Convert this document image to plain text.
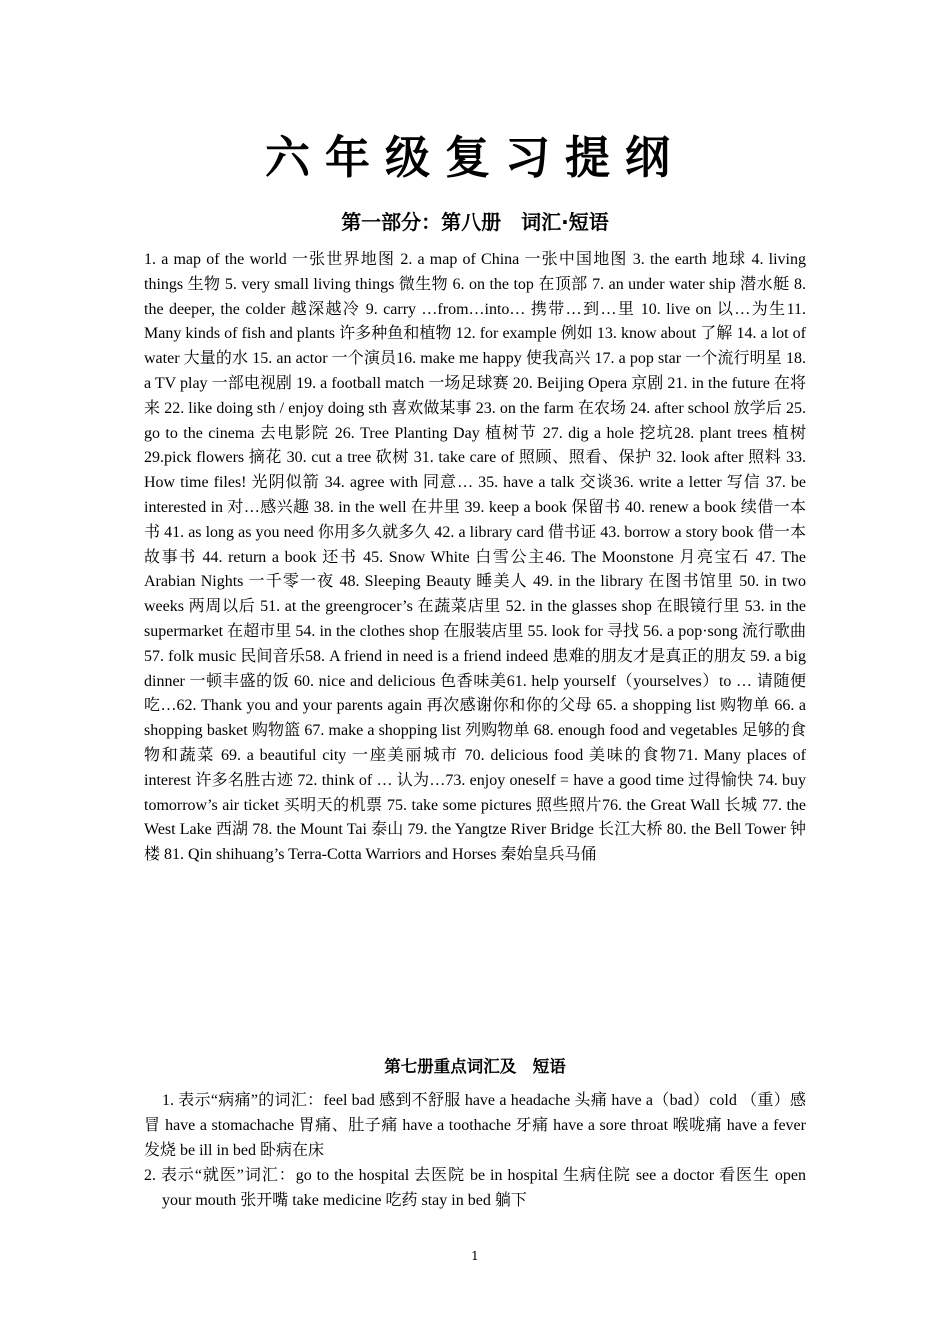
六年级复习提纲
第一部分：第八册　词汇·短语

1. a map of the world 一张世界地图 2. a map of China 一张中国地图 3. the earth 地球 4. living things 生物 5. very small living things 微生物 6. on the top 在顶部 7. an under water ship 潜水艇 8. the deeper, the colder 越深越冷 9. carry …from…into… 携带…到…里 10. live on 以…为生11. Many kinds of fish and plants 许多种鱼和植物 12. for example 例如 13. know about 了解 14. a lot of water 大量的水 15. an actor 一个演员16. make me happy 使我高兴 17. a pop star 一个流行明星 18. a TV play 一部电视剧 19. a football match 一场足球赛 20. Beijing Opera 京剧 21. in the future 在将来 22. like doing sth / enjoy doing sth 喜欢做某事 23. on the farm 在农场 24. after school 放学后 25. go to the cinema 去电影院 26. Tree Planting Day 植树节 27. dig a hole 挖坑28. plant trees 植树 29.pick flowers 摘花 30. cut a tree 砍树 31. take care of 照顾、照看、保护 32. look after 照料 33. How time files! 光阴似箭 34. agree with 同意… 35. have a talk 交谈36. write a letter 写信 37. be interested in 对…感兴趣 38. in the well 在井里 39. keep a book 保留书 40. renew a book 续借一本书 41. as long as you need 你用多久就多久 42. a library card 借书证 43. borrow a story book 借一本故事书 44. return a book 还书 45. Snow White 白雪公主46. The Moonstone 月亮宝石 47. The Arabian Nights 一千零一夜 48. Sleeping Beauty 睡美人 49. in the library 在图书馆里 50. in two weeks 两周以后 51. at the greengrocer’s 在蔬菜店里 52. in the glasses shop 在眼镜行里 53. in the supermarket 在超市里 54. in the clothes shop 在服装店里 55. look for 寻找 56. a pop·song 流行歌曲 57. folk music 民间音乐58. A friend in need is a friend indeed 患难的朋友才是真正的朋友 59. a big dinner 一顿丰盛的饭 60. nice and delicious 色香味美61. help yourself（yourselves）to … 请随便吃…62. Thank you and your parents again 再次感谢你和你的父母 65. a shopping list 购物单 66. a shopping basket 购物篮 67. make a shopping list 列购物单 68. enough food and vegetables 足够的食物和蔬菜 69. a beautiful city 一座美丽城市 70. delicious food 美味的食物71. Many places of interest 许多名胜古迹 72. think of … 认为…73. enjoy oneself = have a good time 过得愉快 74. buy tomorrow’s air ticket 买明天的机票 75. take some pictures 照些照片76. the Great Wall 长城 77. the West Lake 西湖 78. the Mount Tai 泰山 79. the Yangtze River Bridge 长江大桥 80. the Bell Tower 钟楼 81. Qin shihuang’s Terra-Cotta Warriors and Horses 秦始皇兵马俑

第七册重点词汇及　短语

1. 表示“病痛”的词汇：feel bad 感到不舒服 have a headache 头痛 have a（bad）cold （重）感冒 have a stomachache 胃痛、肚子痛 have a toothache 牙痛 have a sore throat 喉咙痛 have a fever 发烧 be ill in bed 卧病在床

2. 表示“就医”词汇：go to the hospital 去医院 be in hospital 生病住院 see a doctor 看医生 open your mouth 张开嘴 take medicine 吃药 stay in bed 躺下

1
